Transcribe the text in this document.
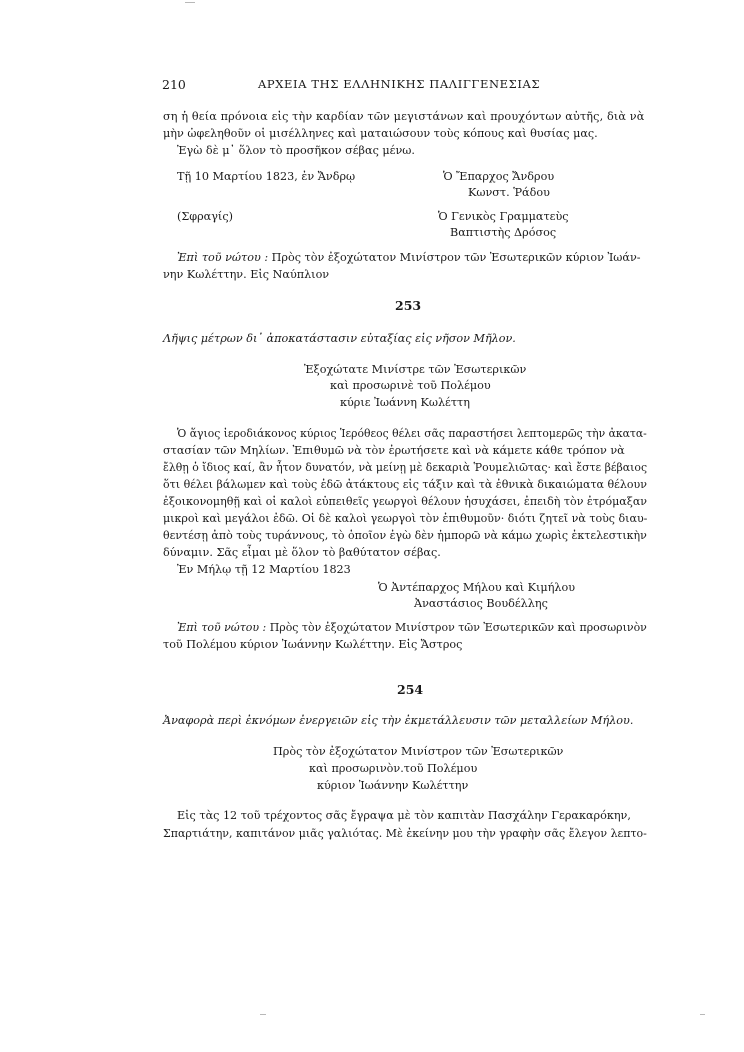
210	ΑΡΧΕΙΑ ΤΗΣ ΕΛΛΗΝΙΚΗΣ ΠΑΛΙΓΓΕΝΕΣΙΑΣ
ση ἡ θεία πρόνοια εἰς τὴν καρδίαν τῶν μεγιστάνων καὶ προυχόντων αὐτῆς, διὰ νὰ
μὴν ὠφεληθοῦν οἱ μισέλληνες καὶ ματαιώσουν τοὺς κόπους καὶ θυσίας μας.
Ἐγὼ δὲ μ᾽ ὅλον τὸ προσῆκον σέβας μένω.
Τῇ 10 Μαρτίου 1823, ἐν Ἄνδρῳ	Ὁ Ἔπαρχος Ἄνδρου
Κωνστ. Ῥάδου
(Σφραγίς)	Ὁ Γενικὸς Γραμματεὺς
Βαπτιστὴς Δρόσος
Ἐπὶ τοῦ νώτου : Πρὸς τὸν ἐξοχώτατον Μινίστρον τῶν Ἐσωτερικῶν κύριον Ἰωάν-
νην Κωλέττην. Εἰς Ναύπλιον
253
Λῆψις μέτρων δι᾽ ἀποκατάστασιν εὐταξίας εἰς νῆσον Μῆλον.
Ἐξοχώτατε Μινίστρε τῶν Ἐσωτερικῶν
καὶ προσωρινὲ τοῦ Πολέμου
κύριε Ἰωάννη Κωλέττη
Ὁ ἅγιος ἱεροδιάκονος κύριος Ἱερόθεος θέλει σᾶς παραστήσει λεπτομερῶς τὴν ἀκατα-
στασίαν τῶν Μηλίων. Ἐπιθυμῶ νὰ τὸν ἐρωτήσετε καὶ νὰ κάμετε κάθε τρόπον νὰ
ἔλθῃ ὁ ἴδιος καί, ἂν ἦτον δυνατόν, νὰ μείνῃ μὲ δεκαριὰ Ῥουμελιῶτας· καὶ ἔστε βέβαιος
ὅτι θέλει βάλωμεν καὶ τοὺς ἐδῶ ἀτάκτους εἰς τάξιν καὶ τὰ ἐθνικὰ δικαιώματα θέλουν
ἐξοικονομηθῇ καὶ οἱ καλοὶ εὐπειθεῖς γεωργοὶ θέλουν ἡσυχάσει, ἐπειδὴ τὸν ἐτρόμαξαν
μικροὶ καὶ μεγάλοι ἐδῶ. Οἱ δὲ καλοὶ γεωργοὶ τὸν ἐπιθυμοῦν· διότι ζητεῖ νὰ τοὺς διαυ-
θεντέσῃ ἀπὸ τοὺς τυράννους, τὸ ὁποῖον ἐγὼ δὲν ἠμπορῶ νὰ κάμω χωρὶς ἐκτελεστικὴν
δύναμιν. Σᾶς εἶμαι μὲ ὅλον τὸ βαθύτατον σέβας.
Ἐν Μήλῳ τῇ 12 Μαρτίου 1823
Ὁ Ἀντέπαρχος Μήλου καὶ Κιμήλου
Ἀναστάσιος Βουδέλλης
Ἐπὶ τοῦ νώτου : Πρὸς τὸν ἐξοχώτατον Μινίστρον τῶν Ἐσωτερικῶν καὶ προσωρινὸν
τοῦ Πολέμου κύριον Ἰωάννην Κωλέττην. Εἰς Ἄστρος
254
Ἀναφορὰ περὶ ἐκνόμων ἐνεργειῶν εἰς τὴν ἐκμετάλλευσιν τῶν μεταλλείων Μήλου.
Πρὸς τὸν ἐξοχώτατον Μινίστρον τῶν Ἐσωτερικῶν
καὶ προσωρινὸν.τοῦ Πολέμου
κύριον Ἰωάννην Κωλέττην
Εἰς τὰς 12 τοῦ τρέχοντος σᾶς ἔγραψα μὲ τὸν καπιτὰν Πασχάλην Γερακαρόκην,
Σπαρτιάτην, καπιτάνον μιᾶς γαλιότας. Μὲ ἐκείνην μου τὴν γραφὴν σᾶς ἔλεγον λεπτο-
